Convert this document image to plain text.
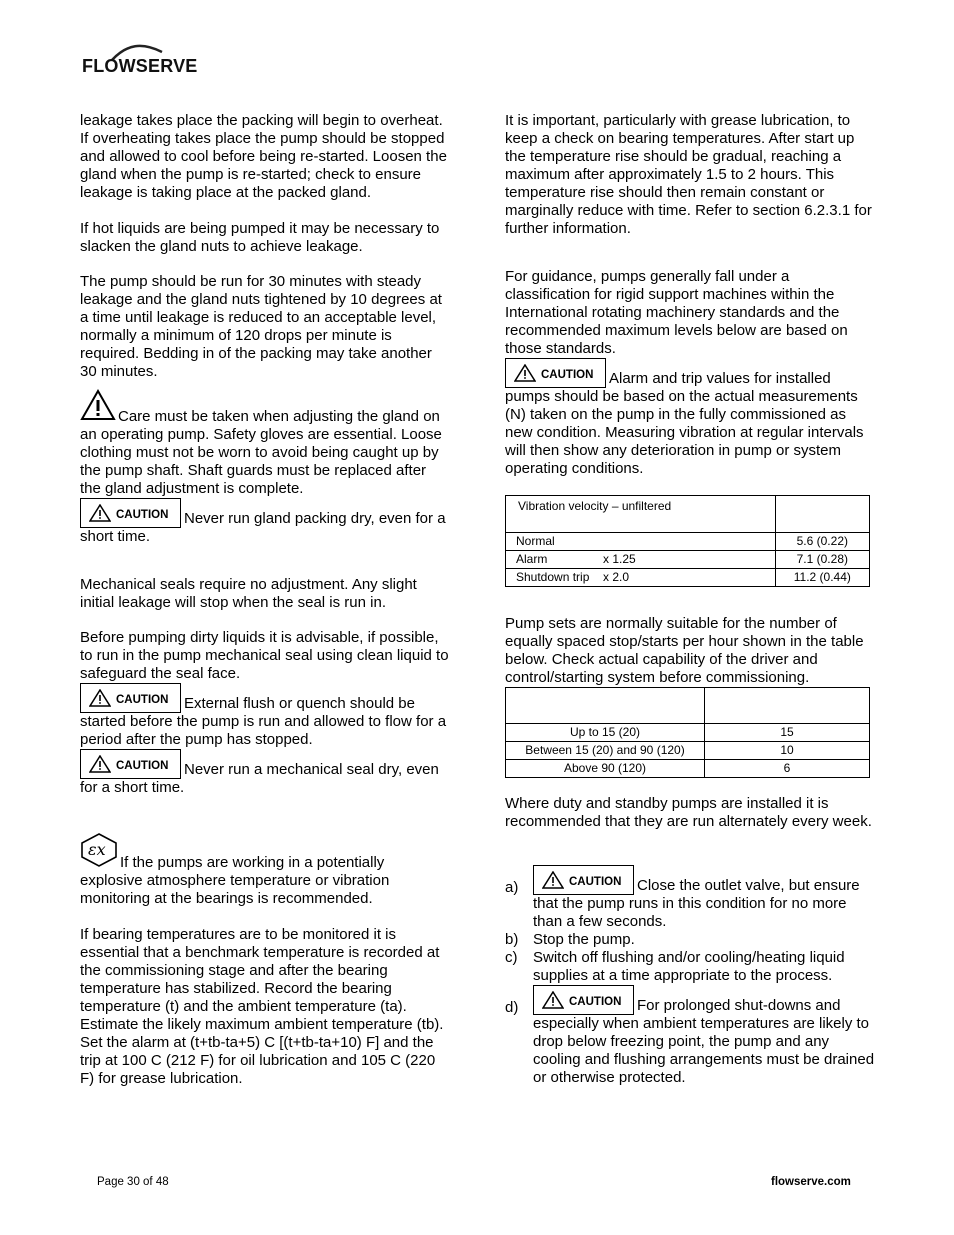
FLOWSERVE

leakage takes place the packing will begin to overheat. If overheating takes place the pump should be stopped and allowed to cool before being re-started. Loosen the gland when the pump is re-started; check to ensure leakage is taking place at the packed gland.

If hot liquids are being pumped it may be necessary to slacken the gland nuts to achieve leakage.

The pump should be run for 30 minutes with steady leakage and the gland nuts tightened by 10 degrees at a time until leakage is reduced to an acceptable level, normally a minimum of 120 drops per minute is required. Bedding in of the packing may take another 30 minutes.

Care must be taken when adjusting the gland on an operating pump. Safety gloves are essential. Loose clothing must not be worn to avoid being caught up by the pump shaft. Shaft guards must be replaced after the gland adjustment is complete.

CAUTION Never run gland packing dry, even for a short time.

Mechanical seals require no adjustment. Any slight initial leakage will stop when the seal is run in.

Before pumping dirty liquids it is advisable, if possible, to run in the pump mechanical seal using clean liquid to safeguard the seal face.

CAUTION External flush or quench should be started before the pump is run and allowed to flow for a period after the pump has stopped.

CAUTION Never run a mechanical seal dry, even for a short time.

εx
If the pumps are working in a potentially explosive atmosphere temperature or vibration monitoring at the bearings is recommended.

If bearing temperatures are to be monitored it is essential that a benchmark temperature is recorded at the commissioning stage and after the bearing temperature has stabilized. Record the bearing temperature (t) and the ambient temperature (ta). Estimate the likely maximum ambient temperature (tb). Set the alarm at (t+tb-ta+5) C [(t+tb-ta+10) F] and the trip at 100 C (212 F) for oil lubrication and 105 C (220 F) for grease lubrication.

It is important, particularly with grease lubrication, to keep a check on bearing temperatures. After start up the temperature rise should be gradual, reaching a maximum after approximately 1.5 to 2 hours. This temperature rise should then remain constant or marginally reduce with time. Refer to section 6.2.3.1 for further information.

For guidance, pumps generally fall under a classification for rigid support machines within the International rotating machinery standards and the recommended maximum levels below are based on those standards.

CAUTION Alarm and trip values for installed pumps should be based on the actual measurements (N) taken on the pump in the fully commissioned as new condition. Measuring vibration at regular intervals will then show any deterioration in pump or system operating conditions.

Vibration velocity – unfiltered	
Normal	5.6 (0.22)
Alarm x 1.25	7.1 (0.28)
Shutdown trip x 2.0	11.2 (0.44)

Pump sets are normally suitable for the number of equally spaced stop/starts per hour shown in the table below. Check actual capability of the driver and control/starting system before commissioning.

Up to 15 (20)	15
Between 15 (20) and 90 (120)	10
Above 90 (120)	6

Where duty and standby pumps are installed it is recommended that they are run alternately every week.

a)	CAUTION Close the outlet valve, but ensure that the pump runs in this condition for no more than a few seconds.
b) Stop the pump.
c) Switch off flushing and/or cooling/heating liquid supplies at a time appropriate to the process.
d)	CAUTION For prolonged shut-downs and especially when ambient temperatures are likely to drop below freezing point, the pump and any cooling and flushing arrangements must be drained or otherwise protected.
Page 30 of 48	flowserve.com
